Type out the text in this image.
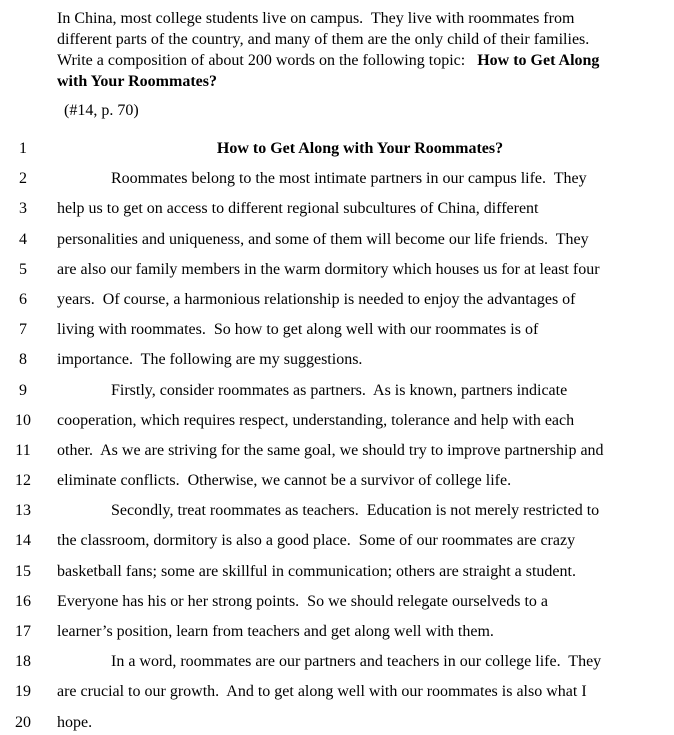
In China, most college students live on campus.  They live with roommates from
different parts of the country, and many of them are the only child of their families.
Write a composition of about 200 words on the following topic:   How to Get Along
with Your Roommates?
(#14, p. 70)
1	How to Get Along with Your Roommates?
2	Roommates belong to the most intimate partners in our campus life.  They
3	help us to get on access to different regional subcultures of China, different
4	personalities and uniqueness, and some of them will become our life friends.  They
5	are also our family members in the warm dormitory which houses us for at least four
6	years.  Of course, a harmonious relationship is needed to enjoy the advantages of
7	living with roommates.  So how to get along well with our roommates is of
8	importance.  The following are my suggestions.
9	Firstly, consider roommates as partners.  As is known, partners indicate
10	cooperation, which requires respect, understanding, tolerance and help with each
11	other.  As we are striving for the same goal, we should try to improve partnership and
12	eliminate conflicts.  Otherwise, we cannot be a survivor of college life.
13	Secondly, treat roommates as teachers.  Education is not merely restricted to
14	the classroom, dormitory is also a good place.  Some of our roommates are crazy
15	basketball fans; some are skillful in communication; others are straight a student.
16	Everyone has his or her strong points.  So we should relegate ourselveds to a
17	learner’s position, learn from teachers and get along well with them.
18	In a word, roommates are our partners and teachers in our college life.  They
19	are crucial to our growth.  And to get along well with our roommates is also what I
20	hope.
